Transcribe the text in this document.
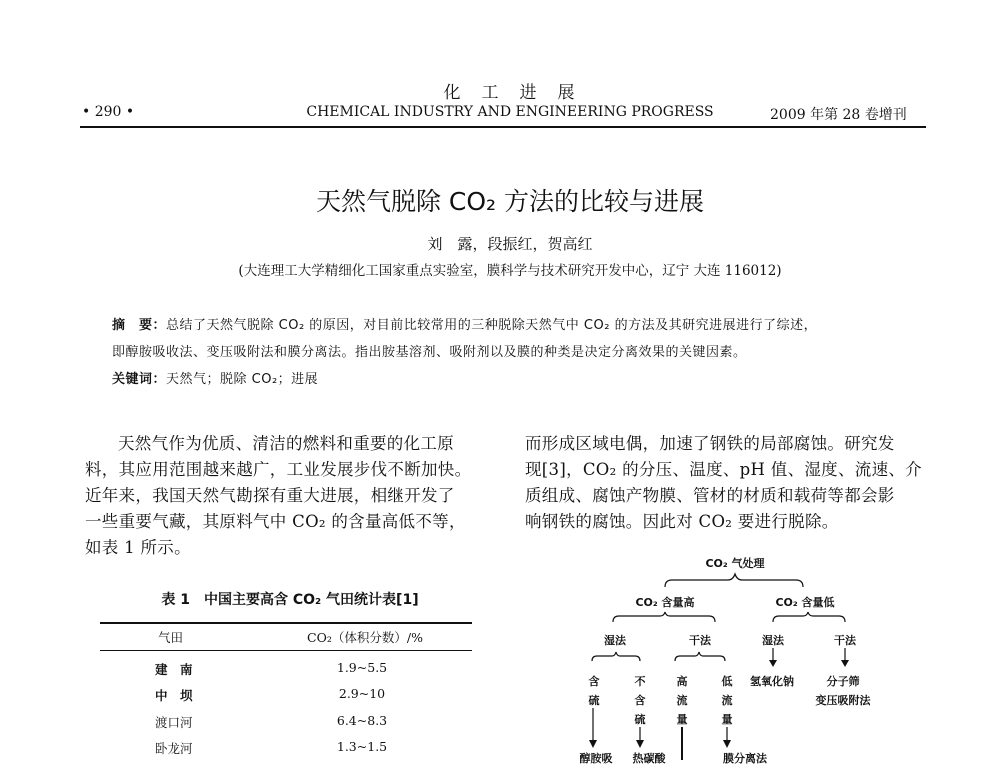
化　工　进　展
• 290 •	CHEMICAL INDUSTRY AND ENGINEERING PROGRESS	2009 年第 28 卷增刊
天然气脱除 CO₂ 方法的比较与进展
刘　露，段振红，贺高红
(大连理工大学精细化工国家重点实验室，膜科学与技术研究开发中心，辽宁 大连 116012)
摘　要：总结了天然气脱除 CO₂ 的原因，对目前比较常用的三种脱除天然气中 CO₂ 的方法及其研究进展进行了综述，
即醇胺吸收法、变压吸附法和膜分离法。指出胺基溶剂、吸附剂以及膜的种类是决定分离效果的关键因素。
关键词：天然气；脱除 CO₂；进展
天然气作为优质、清洁的燃料和重要的化工原
料，其应用范围越来越广，工业发展步伐不断加快。
近年来，我国天然气勘探有重大进展，相继开发了
一些重要气藏，其原料气中 CO₂ 的含量高低不等，
如表 1 所示。
表 1　中国主要高含 CO₂ 气田统计表[1]
气田	CO₂（体积分数）/%
建　南	1.9~5.5
中　坝	2.9~10
渡口河	6.4~8.3
卧龙河	1.3~1.5
而形成区域电偶，加速了钢铁的局部腐蚀。研究发
现[3]，CO₂ 的分压、温度、pH 值、湿度、流速、介
质组成、腐蚀产物膜、管材的材质和载荷等都会影
响钢铁的腐蚀。因此对 CO₂ 要进行脱除。
CO₂ 气处理
CO₂ 含量高	CO₂ 含量低
湿法	干法	湿法	干法
含
硫
不
含
硫
高
流
量
低
流
量
氢氧化钠	分子筛
变压吸附法
醇胺吸 热碳酸	膜分离法
